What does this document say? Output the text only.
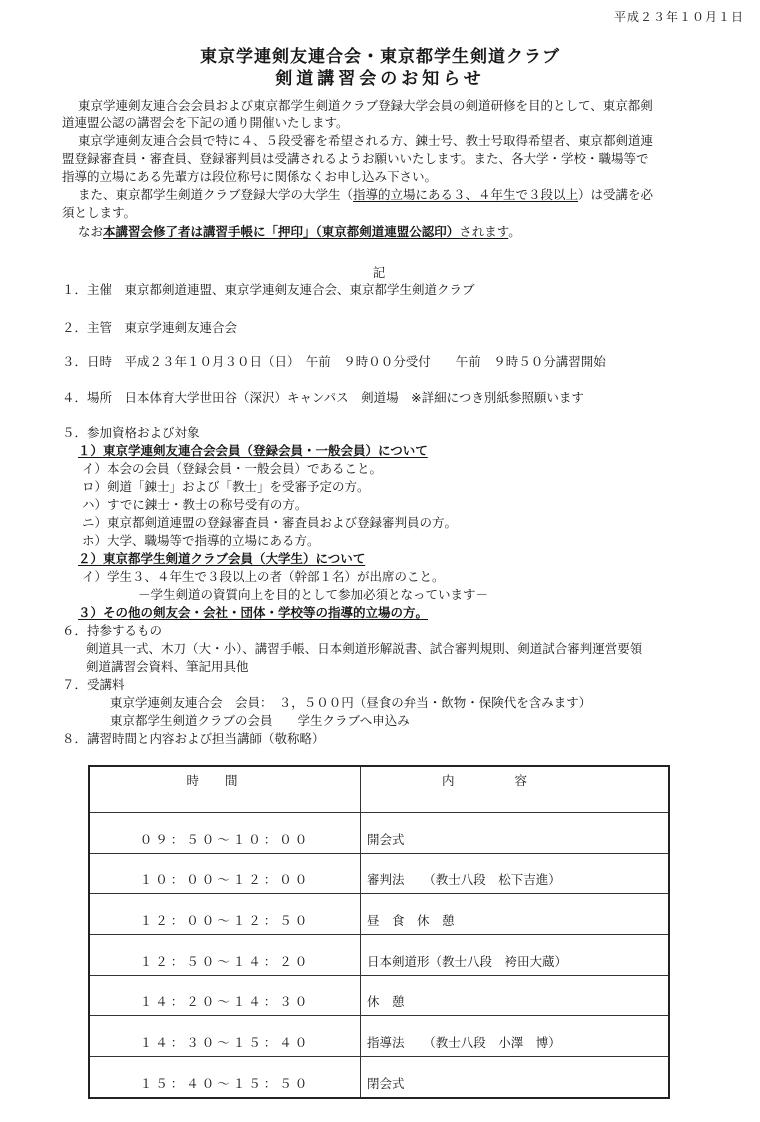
平成２３年１０月１日
東京学連剣友連合会・東京都学生剣道クラブ
剣道講習会のお知らせ
東京学連剣友連合会会員および東京都学生剣道クラブ登録大学会員の剣道研修を目的として、東京都剣
道連盟公認の講習会を下記の通り開催いたします。
東京学連剣友連合会員で特に４、５段受審を希望される方、錬士号、教士号取得希望者、東京都剣道連
盟登録審査員・審査員、登録審判員は受講されるようお願いいたします。また、各大学・学校・職場等で
指導的立場にある先輩方は段位称号に関係なくお申し込み下さい。
また、東京都学生剣道クラブ登録大学の大学生（指導的立場にある３、４年生で３段以上）は受講を必
須とします。
なお本講習会修了者は講習手帳に「押印」（東京都剣道連盟公認印）されます。
記
１．主催　東京都剣道連盟、東京学連剣友連合会、東京都学生剣道クラブ
２．主管　東京学連剣友連合会
３．日時　平成２３年１０月３０日（日）　午前　９時００分受付　　午前　９時５０分講習開始
４．場所　日本体育大学世田谷（深沢）キャンパス　剣道場　※詳細につき別紙参照願います
５．参加資格および対象
１）東京学連剣友連合会会員（登録会員・一般会員）について
イ）本会の会員（登録会員・一般会員）であること。
ロ）剣道「錬士」および「教士」を受審予定の方。
ハ）すでに錬士・教士の称号受有の方。
ニ）東京都剣道連盟の登録審査員・審査員および登録審判員の方。
ホ）大学、職場等で指導的立場にある方。
２）東京都学生剣道クラブ会員（大学生）について
イ）学生３、４年生で３段以上の者（幹部１名）が出席のこと。
－学生剣道の資質向上を目的として参加必須となっています－
３）その他の剣友会・会社・団体・学校等の指導的立場の方。
６．持参するもの
剣道具一式、木刀（大・小）、講習手帳、日本剣道形解説書、試合審判規則、剣道試合審判運営要領
剣道講習会資料、筆記用具他
７．受講料
東京学連剣友連合会　会員：　３，５００円（昼食の弁当・飲物・保険代を含みます）
東京都学生剣道クラブの会員　　学生クラブへ申込み
８．講習時間と内容および担当講師（敬称略）
時間	内容
０９：５０～１０：００	開会式
１０：００～１２：００	審判法　　（教士八段　松下吉進）
１２：００～１２：５０	昼　食　休　憩
１２：５０～１４：２０	日本剣道形（教士八段　袴田大蔵）
１４：２０～１４：３０	休　憩
１４：３０～１５：４０	指導法　　（教士八段　小澤　博）
１５：４０～１５：５０	閉会式
